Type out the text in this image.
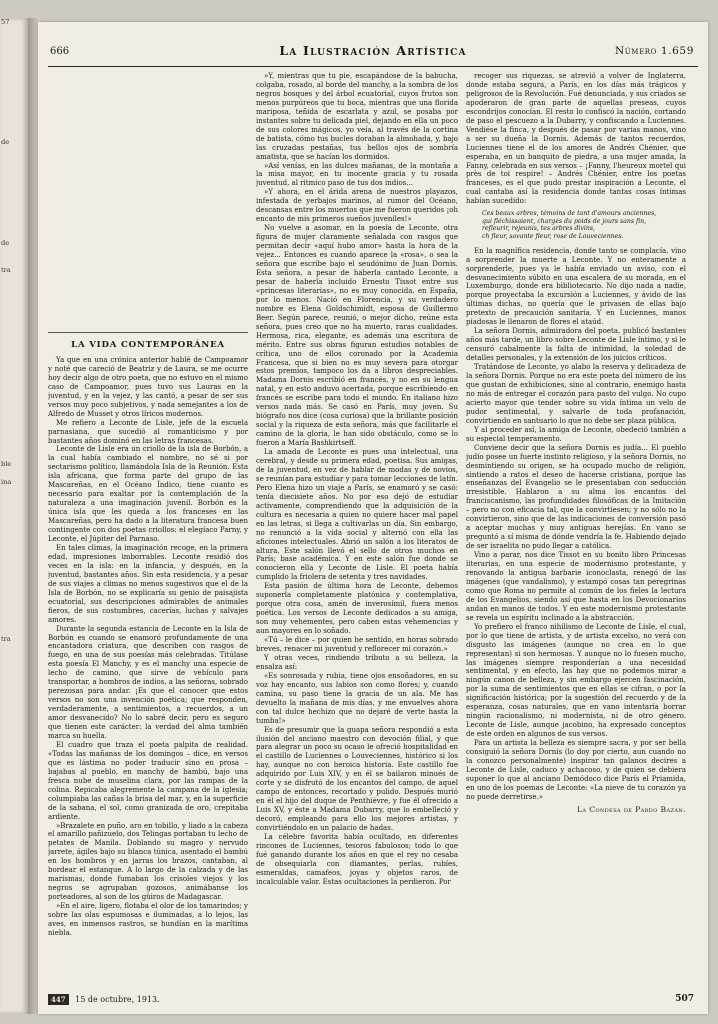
57

de

de

tra

ble

ina

tra

666	La Ilustración Artística	Número 1.659
LA VIDA CONTEMPORÁNEA

Ya que en una crónica anterior hablé de Campoamor y noté que careció de Beatriz y de Laura, se me ocurre hoy decir algo de otro poeta, que no estuvo en el mismo caso de Campoamor, pues tuvo sus Lauras en la juventud, y en la vejez, y las cantó, a pesar de ser sus versos muy poco subjetivos, y nada semejantes a los de Alfredo de Musset y otros líricos modernos.

Me refiero a Leconte de Lisle, jefe de la escuela parnasiana, que sucedió al romanticismo y por bastantes años dominó en las letras francesas.

Leconte de Lisle era un criollo de la isla de Borbón, a la cual había cambiado el nombre, no sé si por sectarismo político, llamándola Isla de la Reunión. Esta isla africana, que forma parte del grupo de las Mascareñas, en el Océano Índico, tiene cuanto es necesario para exaltar por la contemplación de la naturaleza a una imaginación juvenil. Borbón es la única isla que les queda a los franceses en las Mascareñas, pero ha dado a la literatura francesa buen contingente con dos poetas criollos: el elegíaco Parny, y Leconte, el Júpiter del Parnaso.

En tales climas, la imaginación recoge, en la primera edad, impresiones imborrables. Leconte residió dos veces en la isla: en la infancia, y después, en la juventud, bastantes años. Sin esta residencia, y a pesar de sus viajes a climas no menos sugestivos que el de la Isla de Borbón, no se explicaría su genio de paisajista ecuatorial, sus descripciones admirables de animales fieros, de sus costumbres, cacerías, luchas y salvajes amores.

Durante la segunda estancia de Leconte en la Isla de Borbón es cuando se enamoró profundamente de una encantadora criatura, que describen con rasgos de fuego, en una de sus poesías más celebradas. Titúlase esta poesía El Manchy, y es el manchy una especie de lecho de camino, que sirve de vehículo para transportar, a hombros de indios, a las señoras, sobrado perezosas para andar. ¡Es que el conocer que estos versos no son una invención poética; que responden, verdaderamente, a sentimientos, a recuerdos, a un amor desvanecido? No lo sabré decir, pero es seguro que tienen este carácter: la verdad del alma también marca su huella.

El cuadro que traza el poeta palpita de realidad. «Todas las mañanas de los domingos – dice, en versos que es lástima no poder traducir sino en prosa – bajabas al pueblo, en manchy de bambú, bajo una fresca nube de muselina clara, por las rampas de la colina. Repicaba alegremente la campana de la iglesia; columpiaba las cañas la brisa del mar, y, en la superficie de la sabana, el sol, como granizada de oro, crepitaba ardiente.

»Brazalete en puño, aro en tobillo, y liado a la cabeza el amarillo pañizuelo, dos Telingas portaban tu lecho de petates de Manila. Doblando su magro y nervudo jarrete, ágiles bajo su blanca túnica, asentado el bambú en los hombros y en jarras los brazos, cantaban, al bordear el estanque. A lo largo de la calzada y de las marismas, donde fumaban los crisoles viejos y los negros se agrupaban gozosos, animábanse los porteadores, al son de los güiros de Madagascar.

»En el aire, ligero, flotaba el olor de los tamarindos; y sobre las olas espumosas e iluminadas, a lo lejos, las aves, en inmensos rastros, se hundían en la marítima niebla.

»Y, mientras que tu pie, escapándose de la babucha, colgaba, rosado, al borde del manchy, a la sombra de los negros bosques y del árbol ecuatorial, cuyos frutos son menos purpúreos que tu boca, mientras que una florida mariposa, teñida de escarlata y azul, se posaba por instantes sobre tu delicada piel, dejando en ella un poco de sus colores mágicos, yo veía, al través de la cortina de batista, cómo tus bucles doraban la almohada, y, bajo las cruzadas pestañas, tus bellos ojos de sombría amatista, que se hacían los dormidos.

»Así venías, en las dulces mañanas, de la montaña a la misa mayor, en tu inocente gracia y tu rosada juventud, al ritmico paso de tus dos indios...

»Y ahora, en el árida arena de nuestros playazos, infestada de yerbajos marinos, al rumor del Océano, descansas entre los muertos que me fueron queridos ¡oh encanto de mis primeros sueños juveniles!»

No vuelve a asomar, en la poesía de Leconte, otra figura de mujer claramente señalada con rasgos que permitan decir «aquí hubo amor» hasta la hora de la vejez... Entonces es cuando aparece la «rosa», o sea la señora que escribe bajo el seudónimo de Juan Dornis. Esta señora, a pesar de haberla cantado Leconte, a pesar de haberla incluido Ernesto Tissot entre sus «princesas literarias», no es muy conocida, en España, por lo menos. Nació en Florencia, y su verdadero nombre es Elena Goldschimidt, esposa de Guillermo Beer. Según parece, reunió, o mejor dicho, reúne esta señora, pues creo que no ha muerto, raras cualidades. Hermosa, rica, elegante, es además una escritora de mérito. Entre sus obras figuran estudios notables de crítica, uno de ellos coronado por la Academia Francesa, que si bien no es muy severa para otorgar estos premios, tampoco los da a libros despreciables. Madama Dornis escribió en francés, y no en su lengua natal, y en esto anduvo acertada, porque escribiendo en francés se escribe para todo el mundo. En italiano hizo versos nada más. Se casó en París, muy joven. Su biógrafo nos dice (cosa curiosa) que la brillante posición social y la riqueza de esta señora, más que facilitarle el camino de la gloria, le han sido obstáculo, como se lo fueron a María Bashkirtseff.

La amada de Leconte es pues una intelectual, una cerebral, y desde su primera edad, poetisa. Sus amigas, de la juventud, en vez de hablar de modas y de novios, se reunían para estudiar y para tomar lecciones de latín. Pero Elena hizo un viaje a París, se enamoró y se casó: tenía diecisiete años. No por eso dejó de estudiar activamente, comprendiendo que la adquisición de la cultura es necesaria a quien no quiere hacer mal papel en las letras, si llega a cultivarlas un día. Sin embargo, no renunció a la vida social y alternó con ella las aficiones intelectuales. Abrió un salón a los literatos de altura. Este salón llevó el sello de otros muchos en París; base académica. Y en este salón fue donde se conocieron ella y Leconte de Lisle. El poeta había cumplido la friolera de setenta y tres navidades.

Esta pasión de última hora de Leconte, debemos suponerla completamente platónica y contemplativa, porque otra cosa, amén de inverosímil, fuera menos poética. Los versos de Leconte dedicados a su amiga, son muy vehementes, pero caben estas vehemencias y aun mayores en lo soñado.

«Tú – le dice – por quien he sentido, en horas sobrado breves, renacer mi juventud y reflorecer mi corazón.»

Y otras veces, rindiendo tributo a su belleza, la ensalza así:

«Es sonrosada y rubia, tiene ojos ensoñadores, en su voz hay encanto, sus labios son como flores; y, cuando camina, su paso tiene la gracia de un ala. Me has devuelto la mañana de mis días, y me envuelves ahora con tal dulce hechizo que no dejaré de verte hasta la tumba!»

Es de presumir que la guapa señora respondió a esta ilusión del anciano maestro con devoción filial, y que para alegrar un poco su ocaso le ofreció hospitalidad en el castillo de Luciennes o Louveciennes, histórico si los hay, aunque no con heroica historia. Este castillo fue adquirido por Luis XIV, y en él se bailaron minués de corte y se disfrutó de los encantos del campo, de aquel campo de entonces, recortado y pulido. Después murió en él el hijo del duque de Penthièvre, y fue él ofrecido a Luis XV, y éste a Madama Dubarry, que lo embelleció y decoró, empleando para ello los mejores artistas, y convirtiéndolo en un palacio de hadas.

La célebre favorita había ocultado, en diferentes rincones de Luciennes, tesoros fabulosos; todo lo que fué ganando durante los años en que el rey no cesaba de obsequiarla con diamantes, perlas, rubíes, esmeraldas, camafeos, joyas y objetos raros, de incalculable valor. Estas ocultaciones la perdieron. Por

recoger sus riquezas, se atrevió a volver de Inglaterra, donde estaba segura, a París, en los días más trágicos y peligrosos de la Revolución. Fué denunciada, y sus criados se apoderaron de gran parte de aquellas preseas, cuyos escondrijos conocían. El resto lo confiscó la nación, cortando de paso el pescuezo a la Dubarry, y confiscando a Luciennes. Vendiése la finca, y después de pasar por varias manos, vino a ser su dueña la Dornis. Además de tantos recuerdos, Luciennes tiene el de los amores de Andrés Chénier, que esperaba, en un banquito de piedra, a una mujer amada, la Fanny, celebrada en sus versos – ¡Fanny, l'heureux mortel qui près de toi respire! – Andrés Chénier, entre los poetas franceses, es el que pudo prestar inspiración a Leconte, el cual cantaba así la residencia donde tantas cosas íntimas habían sucedido:

Ces beaux arbres, témoins de tant d'amours anciennes,
qui fléchissaient, chargés du poids de jours sans fin,
refleurir, rejeunis, tes arbres divins,
ch fleur, savante fleur, rose de Louveciennes.

En la magnífica residencia, donde tanto se complacía, vino a sorprender la muerte a Leconte. Y no enteramente a sorprenderle, pues ya le había enviado un aviso, con el desvanecimiento súbito en una escalera de su morada, en el Luxemburgo, donde era bibliotecario. No dijo nada a nadie, porque proyectaba la excursión a Luciennes, y ávido de las últimas dichas, no quería que le privasen de ellas bajo pretexto de precaución sanitaria. Y en Luciennes, manos piadosas le llenaron de flores el ataúd.

La señora Dornis, admiradora del poeta, publicó bastantes años más tarde, un libro sobre Leconte de Lisle íntimo, y si le censuró cabalmente la falta de intimidad, la soledad de detalles personales, y la extensión de los juicios críticos.

Tratándose de Leconte, yo alabo la reserva y delicadeza de la señora Dornis. Porque no era este poeta del número de los que gustan de exhibiciones, sino al contrario, enemigo hasta no más de entregar el corazón para pasto del vulgo. No cupo acierto mayor que tender sobre su vida íntima un velo de pudor sentimental, y salvarle de toda profanación, convirtiendo en santuario lo que no debe ser plaza pública.

Y al proceder así, la amiga de Leconte, obedeció también a su especial temperamento.

Conviene decir que la señora Dornis es judía... El pueblo judío posee un fuerte instinto religioso, y la señora Dornis, no desmintiendo su origen, se ha ocupado mucho de religión, sintiendo a ratos el deseo de hacerse cristiana, porque las enseñanzas del Evangelio se le presentaban con seducción irresistible. Hablaron a su alma los encantos del franciscanismo, las profundidades filosóficas de la Imitación – pero no con eficacia tal, que la convirtiesen; y no sólo no la convirtieron, sino que de las indicaciones de conversión pasó a aceptar muchas y muy antiguas herejías. En vano se preguntó a sí misma de dónde vendría la fe. Habiendo dejado de ser israelita no pudo llegar a católica.

Vino a parar, nos dice Tissot en su bonito libro Princesas literarias, en una especie de modernismo protestante, y renovando la antigua barbarie iconoclasta, renegó de las imágenes (que vandalismo), y estampó cosas tan peregrinas como que Roma no permite al común de los fieles la lectura de los Evangelios, siendo así que hasta en los Devocionarios andan en manos de todos. Y en este modernismo protestante se revela un espíritu inclinado a la abstracción.

Yo prefiero el franco nihilismo de Leconte de Lisle, el cual, por lo que tiene de artista, y de artista excelso, no verá con disgusto las imágenes (aunque no crea en lo que representan) si son hermosas. Y aunque no lo fuesen mucho, las imágenes siempre responderían a una necesidad sentimental, y en efecto, las hay que no podemos mirar a ningún canon de belleza, y sin embargo ejercen fascinación, por la suma de sentimientos que en ellas se cifran, o por la significación histórica; por la sugestión del recuerdo y de la esperanza, cosas naturales, que en vano intentaría borrar ningún racionalismo, ni modernista, ni de otro género. Leconte de Lisle, aunque jacobino, ha expresado conceptos de este orden en algunos de sus versos.

Para un artista la belleza es siempre sacra, y por ser bella consiguió la señora Dornis (lo doy por cierto, aun cuando no la conozco personalmente) inspirar tan galanos decires a Leconte de Lisle, caduco y achacoso, y de quien se debiera suponer lo que al anciano Demódoco dice París el Priamida, en uno de los poemas de Leconte: «La nieve de tu corazón ya no puede derretirse.»

La Condesa de Pardo Bazán.
447 15 de octubre, 1913.	507
